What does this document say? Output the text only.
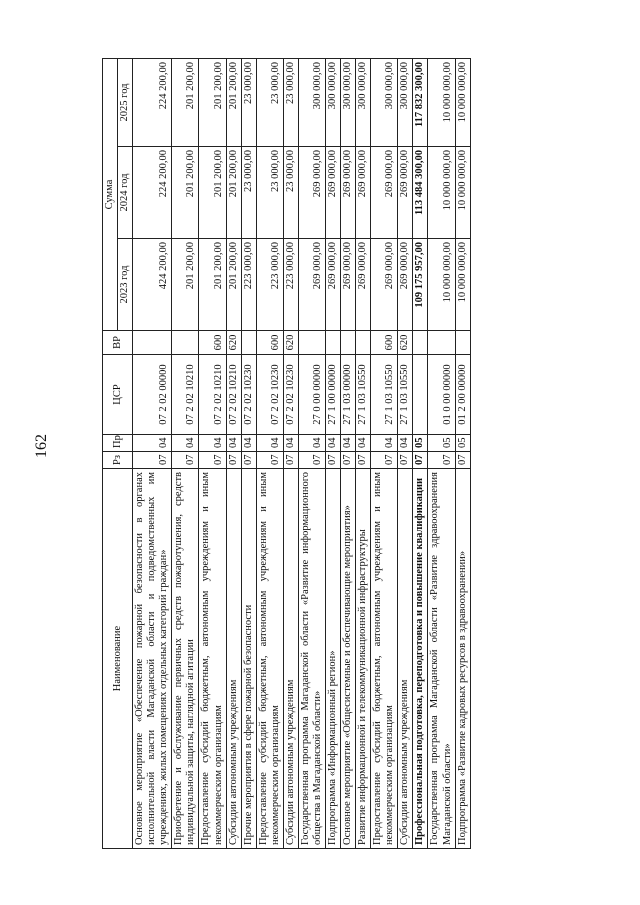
162
Наименование	Рз	Пр	ЦСР	ВР	Сумма		
					2023 год	2024 год	2025 год
Основное мероприятие «Обеспечение пожарной безопасности в органах исполнительной власти Магаданской области и подведомственных им учреждениях, жилых помещениях отдельных категорий граждан»	07	04	07 2 02 00000		424 200,00	224 200,00	224 200,00
Приобретение и обслуживание первичных средств пожаротушения, средств индивидуальной защиты, наглядной агитации	07	04	07 2 02 10210		201 200,00	201 200,00	201 200,00
Предоставление субсидий бюджетным, автономным учреждениям и иным некоммерческим организациям	07	04	07 2 02 10210	600	201 200,00	201 200,00	201 200,00
Субсидии автономным учреждениям	07	04	07 2 02 10210	620	201 200,00	201 200,00	201 200,00
Прочие мероприятия в сфере пожарной безопасности	07	04	07 2 02 10230		223 000,00	23 000,00	23 000,00
Предоставление субсидий бюджетным, автономным учреждениям и иным некоммерческим организациям	07	04	07 2 02 10230	600	223 000,00	23 000,00	23 000,00
Субсидии автономным учреждениям	07	04	07 2 02 10230	620	223 000,00	23 000,00	23 000,00
Государственная программа Магаданской области «Развитие информационного общества в Магаданской области»	07	04	27 0 00 00000		269 000,00	269 000,00	300 000,00
Подпрограмма «Информационный регион»	07	04	27 1 00 00000		269 000,00	269 000,00	300 000,00
Основное мероприятие «Общесистемные и обеспечивающие мероприятия»	07	04	27 1 03 00000		269 000,00	269 000,00	300 000,00
Развитие информационной и телекоммуникационной инфраструктуры	07	04	27 1 03 10550		269 000,00	269 000,00	300 000,00
Предоставление субсидий бюджетным, автономным учреждениям и иным некоммерческим организациям	07	04	27 1 03 10550	600	269 000,00	269 000,00	300 000,00
Субсидии автономным учреждениям	07	04	27 1 03 10550	620	269 000,00	269 000,00	300 000,00
Профессиональная подготовка, переподготовка и повышение квалификации	07	05			109 175 957,00	113 484 300,00	117 832 300,00
Государственная программа Магаданской области «Развитие здравоохранения Магаданской области»	07	05	01 0 00 00000		10 000 000,00	10 000 000,00	10 000 000,00
Подпрограмма «Развитие кадровых ресурсов в здравоохранении»	07	05	01 2 00 00000		10 000 000,00	10 000 000,00	10 000 000,00
